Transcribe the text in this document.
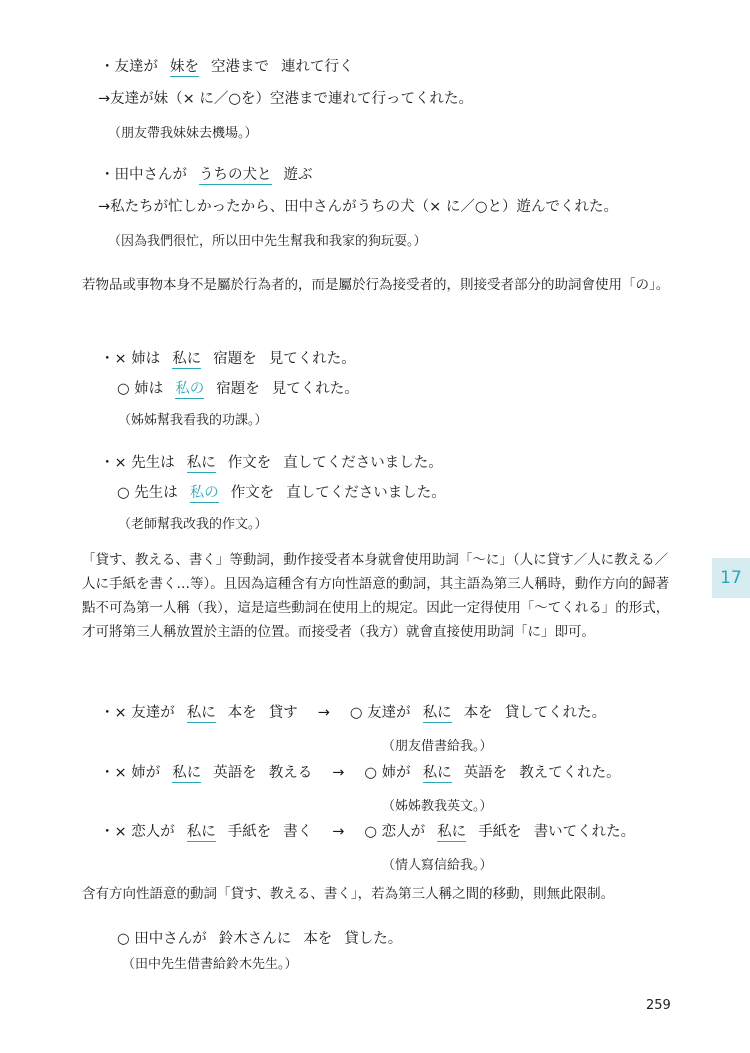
・友達が 妹を 空港まで 連れて行く
→友達が妹（× に／○を）空港まで連れて行ってくれた。
（朋友帶我妹妹去機場。）
・田中さんが うちの犬と 遊ぶ
→私たちが忙しかったから、田中さんがうちの犬（× に／○と）遊んでくれた。
（因為我們很忙，所以田中先生幫我和我家的狗玩耍。）
若物品或事物本身不是屬於行為者的，而是屬於行為接受者的，則接受者部分的助詞會使用「の」。
・× 姉は 私に 宿題を 見てくれた。
○ 姉は 私の 宿題を 見てくれた。
（姊姊幫我看我的功課。）
・× 先生は 私に 作文を 直してくださいました。
○ 先生は 私の 作文を 直してくださいました。
（老師幫我改我的作文。）
「貸す、教える、書く」等動詞，動作接受者本身就會使用助詞「〜に」（人に貸す／人に教える／人に手紙を書く…等）。且因為這種含有方向性語意的動詞，其主語為第三人稱時，動作方向的歸著點不可為第一人稱（我），這是這些動詞在使用上的規定。因此一定得使用「〜てくれる」的形式，才可將第三人稱放置於主語的位置。而接受者（我方）就會直接使用助詞「に」即可。
・× 友達が 私に 本を 貸す → ○ 友達が 私に 本を 貸してくれた。
（朋友借書給我。）
・× 姉が 私に 英語を 教える → ○ 姉が 私に 英語を 教えてくれた。
（姊姊教我英文。）
・× 恋人が 私に 手紙を 書く → ○ 恋人が 私に 手紙を 書いてくれた。
（情人寫信給我。）
含有方向性語意的動詞「貸す、教える、書く」，若為第三人稱之間的移動，則無此限制。
○ 田中さんが 鈴木さんに 本を 貸した。
（田中先生借書給鈴木先生。）
17
259
